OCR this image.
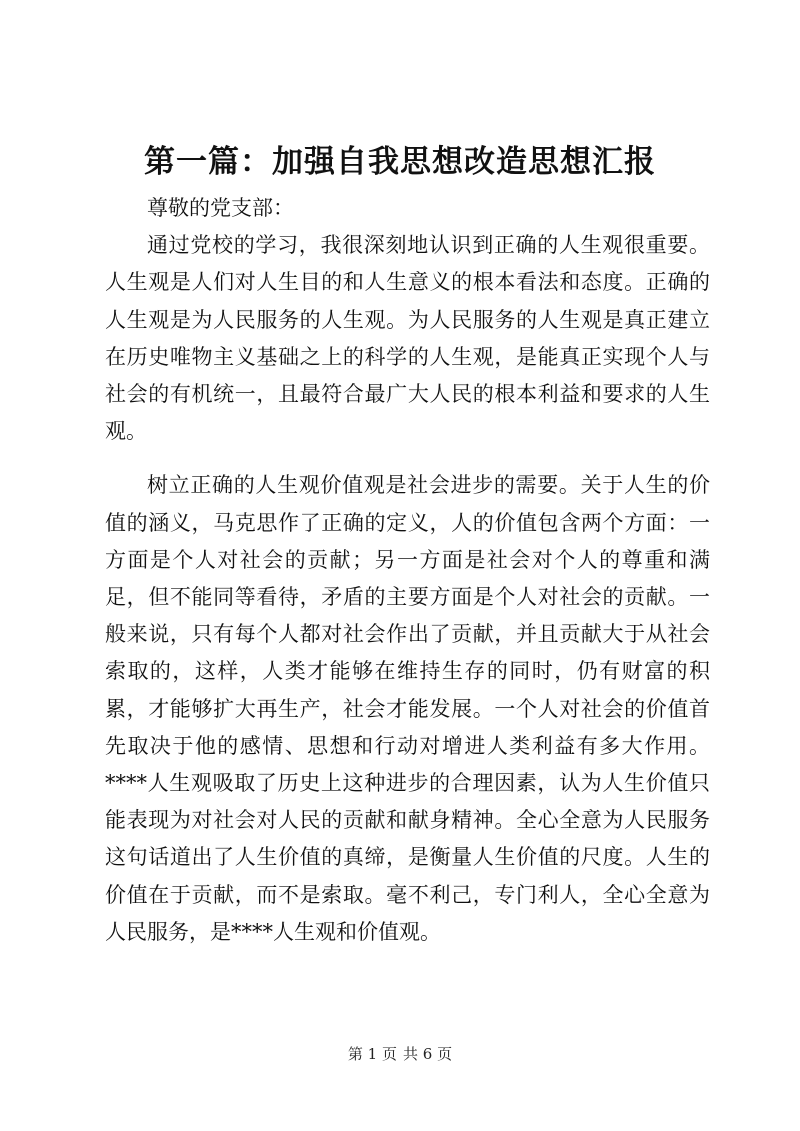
第一篇：加强自我思想改造思想汇报

尊敬的党支部：

通过党校的学习，我很深刻地认识到正确的人生观很重要。人生观是人们对人生目的和人生意义的根本看法和态度。正确的人生观是为人民服务的人生观。为人民服务的人生观是真正建立在历史唯物主义基础之上的科学的人生观，是能真正实现个人与社会的有机统一，且最符合最广大人民的根本利益和要求的人生观。

树立正确的人生观价值观是社会进步的需要。关于人生的价值的涵义，马克思作了正确的定义，人的价值包含两个方面：一方面是个人对社会的贡献；另一方面是社会对个人的尊重和满足，但不能同等看待，矛盾的主要方面是个人对社会的贡献。一般来说，只有每个人都对社会作出了贡献，并且贡献大于从社会索取的，这样，人类才能够在维持生存的同时，仍有财富的积累，才能够扩大再生产，社会才能发展。一个人对社会的价值首先取决于他的感情、思想和行动对增进人类利益有多大作用。****人生观吸取了历史上这种进步的合理因素，认为人生价值只能表现为对社会对人民的贡献和献身精神。全心全意为人民服务这句话道出了人生价值的真缔，是衡量人生价值的尺度。人生的价值在于贡献，而不是索取。毫不利己，专门利人，全心全意为人民服务，是****人生观和价值观。

第 1 页 共 6 页
